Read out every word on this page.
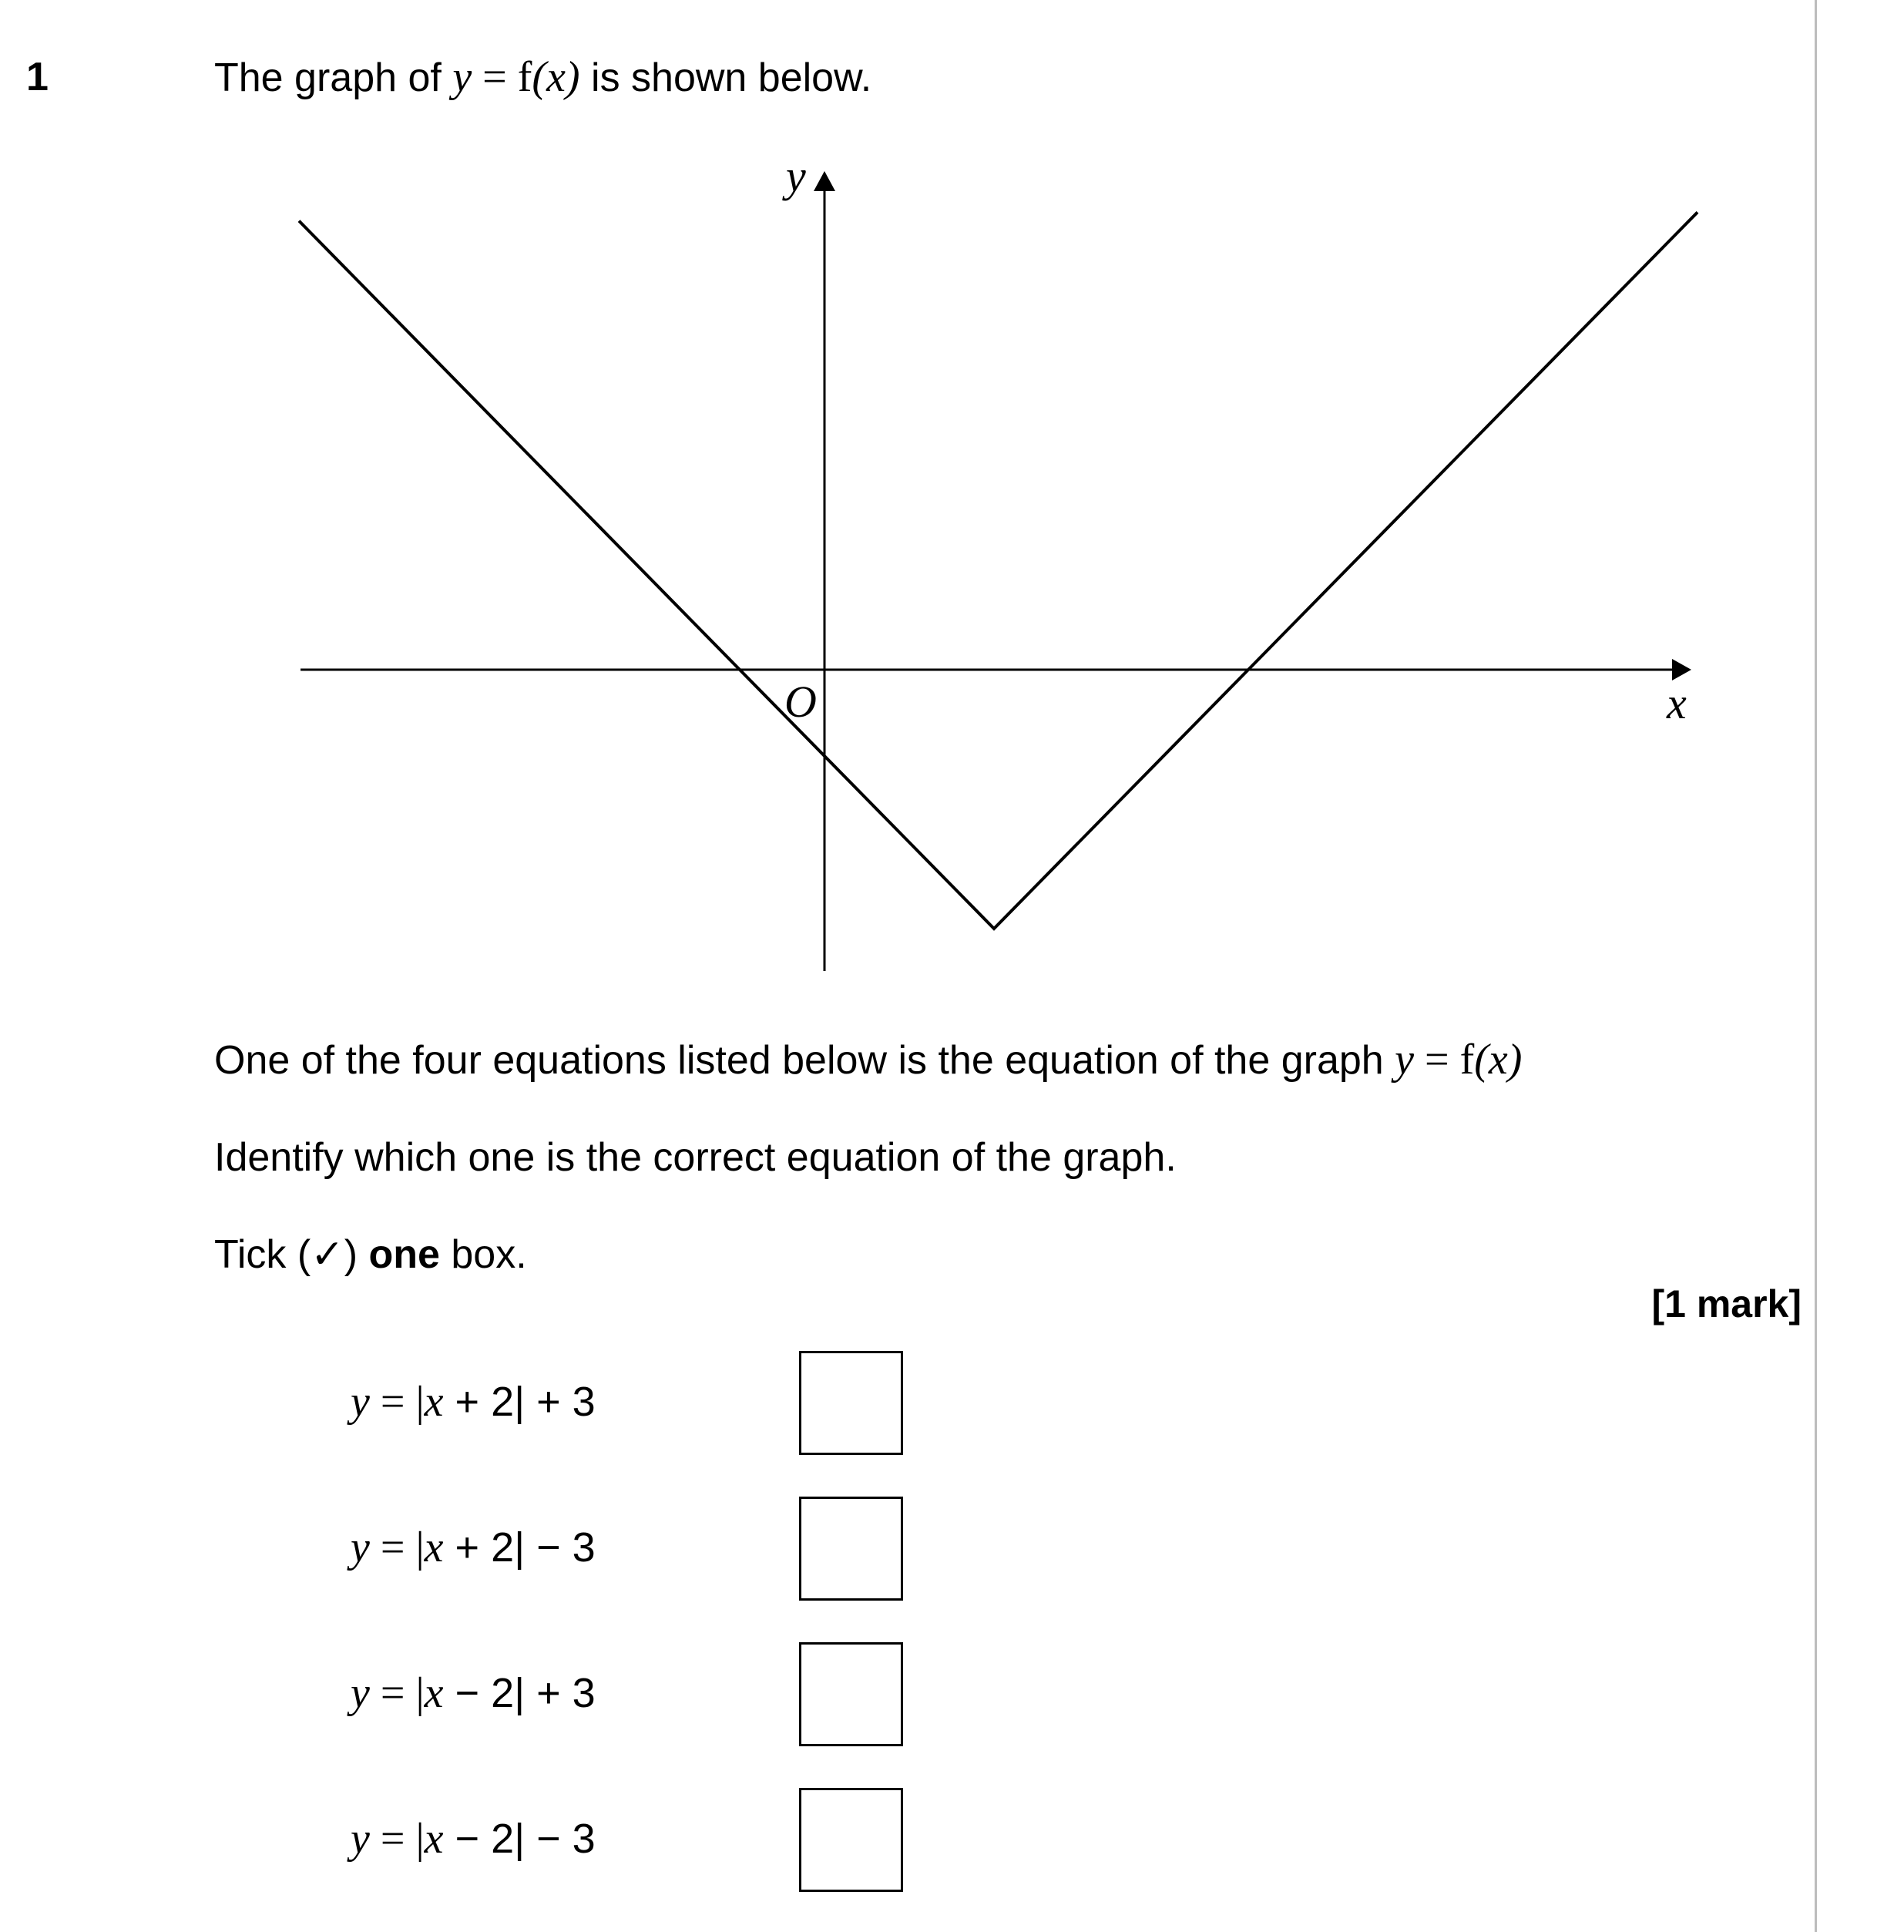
1	The graph of y = f(x) is shown below.
y
x
O
One of the four equations listed below is the equation of the graph y = f(x)
Identify which one is the correct equation of the graph.
Tick (✓) one box.
[1 mark]
y = |x + 2| + 3
y = |x + 2| − 3
y = |x − 2| + 3
y = |x − 2| − 3
